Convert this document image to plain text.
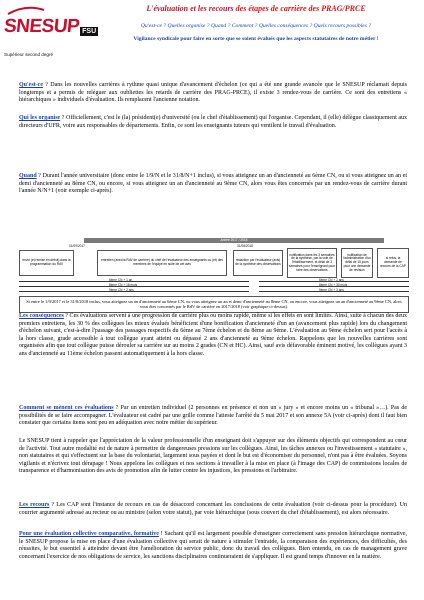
SNESUP FSU
Supérieur second degré
L'évaluation et les recours des étapes de carrière des PRAG/PRCE
Qu'est-ce ? Quelles organise ? Quand ? Comment ? Quelles conséquences ? Quels recours possibles ?
Vigilance syndicale pour faire en sorte que se soient évalués que les aspects statutaires de notre métier !
Qu'est-ce ? Dans les nouvelles carrières à rythme quasi unique d'avancement d'échelon (ce qui a été une grande avancée que le SNESUP réclamait depuis longtemps et a permis de reléguer aux oubliettes les retards de carrière des PRAG-PRCE), il existe 3 rendez-vous de carrière. Ce sont des entretiens « hiérarchiques » individuels d'évaluation. Ils remplacent l'ancienne notation.
Qui les organise ? Officiellement, c'est le (la) président(e) d'université (ou le chef d'établissement) qui l'organise. Cependant, il (elle) délègue classiquement aux directeurs d'UFR, voire aux responsables de départements. Enfin, ce sont les enseignants tuteurs qui ventilent le travail d'évaluation.
Quand ? Durant l'année universitaire (donc entre le 1/9/N et le 31/8/N+1 inclus), si vous atteignez un an d'ancienneté au 6ème CN, ou si vous atteignez un an et demi d'ancienneté au 8ème CN, ou encore, si vous atteignez un an d'ancienneté au 9ème CN, alors vous êtes concernés par un rendez-vous de carrière durant l'année N/N+1 (voir exemple ci-après).
Année 2017 / 2018
01/09/2017	31/08/2018
envoi (et remise en début) dans la programmation du RdV
entretien (avec/la RdV de carrière) du chef de l'évaluateur des enseignants ou (et) des membres de l'équipe en suite de cet avis
rédaction par l'évaluateur (avis) de la synthèse des observations
notification dans les 3 semaines de la synthèse, par la voie de l'établissement, et délai de 3 semaines pour l'enseignant pour faire des observations
notification de l'administration d'un délai de 15 jours pour une demande de révision
si refus, la demande de recours de la CAP
6ème CN + 1 an	6ème CN + 2 ans
8ème CN + 18 mois	8ème CN + 30 mois
9ème CN + 2 ans	9ème CN + 3 ans
Si entre le 1/9/2017 et le 31/8/2018 inclus, vous atteignez un an d'ancienneté au 6ème CN, ou vous atteignez un an et demi d'ancienneté au 8ème CN, ou encore, vous atteignez un an d'ancienneté au 9ème CN, alors vous êtes concernés par le RdV de carrière en 2017/2018 (voir graphique ci-dessus).
Les conséquences ? Ces évaluations servent à une progression de carrière plus ou moins rapide, même si les effets en sont limités. Ainsi, suite à chacun des deux premiers entretiens, les 30 % des collègues les mieux évalués bénéficient d'une bonification d'ancienneté d'un an (avancement plus rapide) lors du changement d'échelon suivant, c'est-à-dire l'passage des passages respectifs du 6ème au 7ème échelon et du 8ème au 9ème. L'évaluation au 9ème échelon sert pour l'accès à la hors classe, grade accessible à tout collègue ayant atteint ou dépassé 2 ans d'ancienneté au 9ème échelon. Rappelons que les nouvelles carrières sont organisées afin que tout collègue puisse dérouler sa carrière sur au moins 2 grades (CN et HC). Ainsi, sauf avis défavorable éminent motivé, les collègues ayant 3 ans d'ancienneté au 11ème échelon passent automatiquement à la hors classe.
Comment se mènent ces évaluations ? Par un entretien individuel (2 personnes en présence et non un « jury » et encore moins un « tribunal »…). Pas de possibilités de se faire accompagner. L'évaluateur est cadré par une grille comme l'atteste l'arrêté du 5 mai 2017 et son annexe 5A (voir ci-après) dont il faut bien constater que certains items sont peu en adéquation avec notre métier du supérieur.
Le SNESUP tient à rappeler que l'appréciation de la valeur professionnelle d'un enseignant doit s'appuyer sur des éléments objectifs qui correspondent au cœur de l'activité. Tout autre modalité est de nature à permettre de dangereuses pressions sur les collègues. Ainsi, les tâches annexes ou l'investissement « statutaire », non statutaires et qui s'effectuent sur la base du volontariat, largement sous payées et dont le but est d'économiser du personnel, n'ont pas à être évaluées. Soyons vigilants et n'écrivez tout dérapage ! Nous appelons les collègues et nos sections à travailler à la mise en place (à l'image des CAP) de commissions locales de transparence et d'harmonisation des avis de promotion afin de lutter contre les injustices, les pressions et l'arbitraire.
Les recours ? Les CAP sont l'instance de recours en cas de désaccord concernant les conclusions de cette évaluation (voir ci-dessus pour la procédure). Un courrier argumenté adressé au recteur ou au ministre (selon votre statut), par voie hiérarchique (sous couvert du chef d'établissement), est alors nécessaire.
Pour une évaluation collective comparative, formative ! Sachant qu'il est largement possible d'enseigner correctement sans pression hiérarchique normative, le SNESUP propose la mise en place d'une évaluation collective qui serait de nature à stimuler l'entraide, la comparaison des expériences, des difficultés, des réussites, le but essentiel à atteindre devant être l'amélioration du service public, donc du travail des collègues. Bien entendu, en cas de management grave concernant l'exercice de nos obligations de service, les sanctions disciplinaires continueraient de s'appliquer. Il est grand temps d'innover en la matière.
